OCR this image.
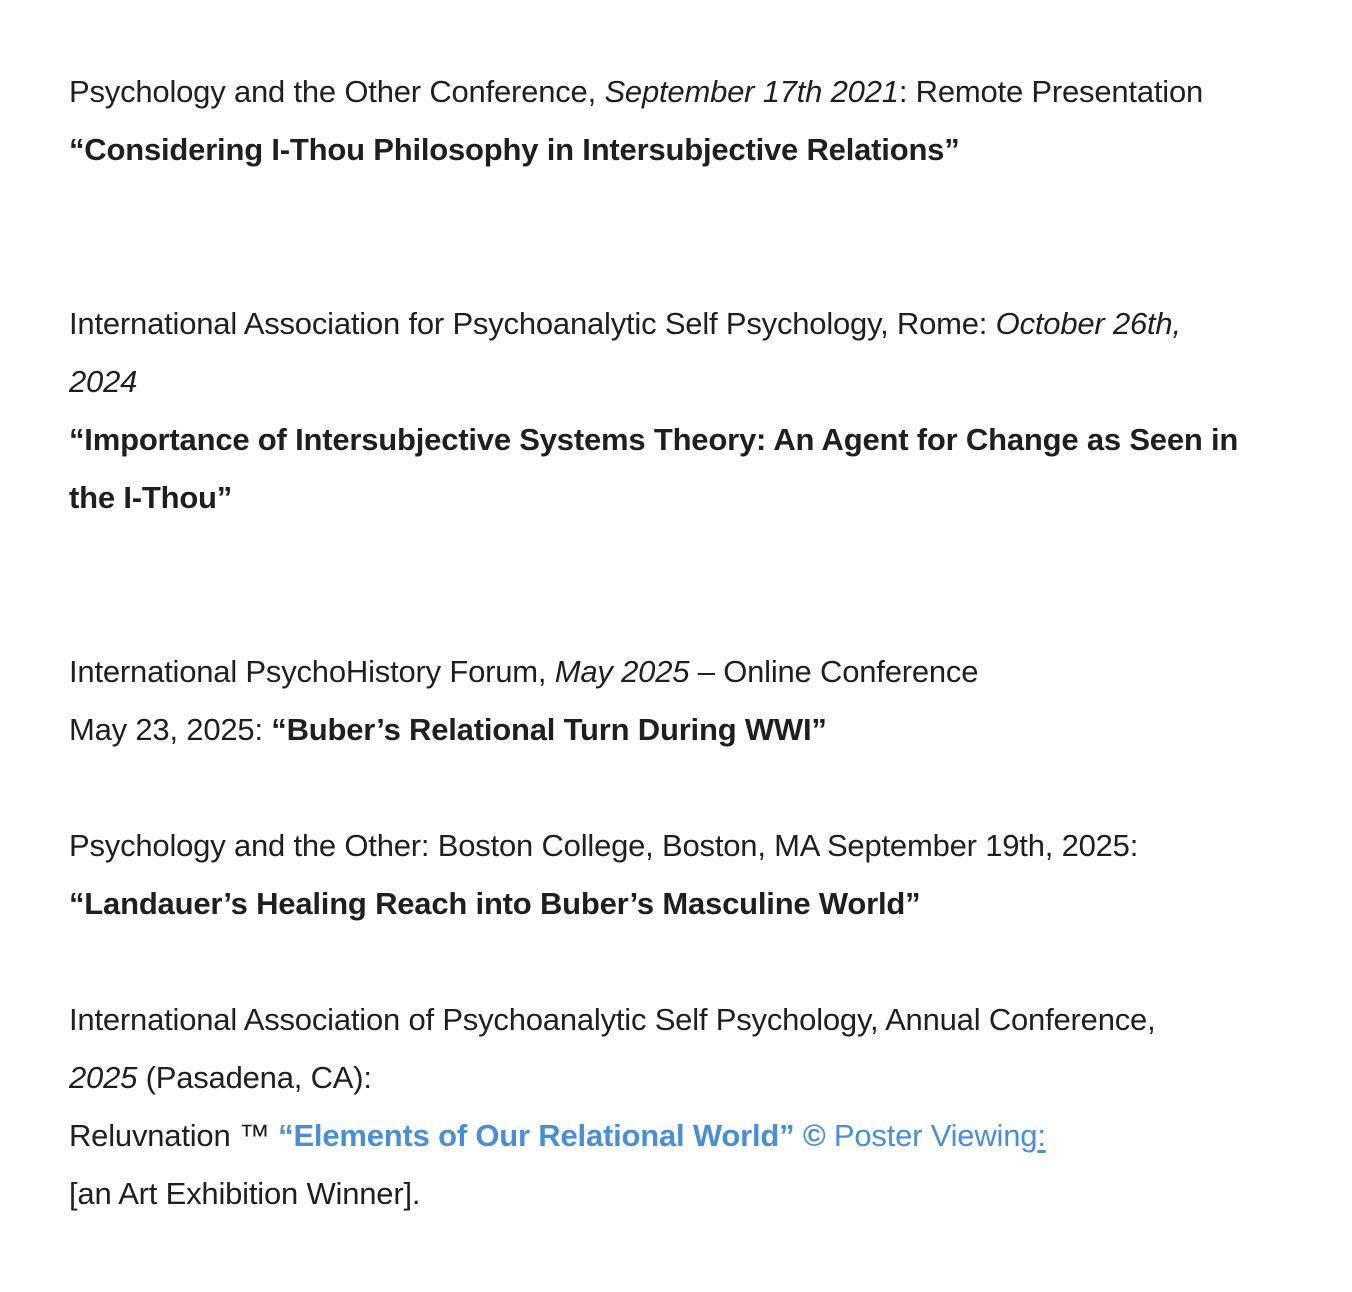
Psychology and the Other Conference, September 17th 2021: Remote Presentation
“Considering I-Thou Philosophy in Intersubjective Relations”
International Association for Psychoanalytic Self Psychology, Rome: October 26th,
2024
“Importance of Intersubjective Systems Theory: An Agent for Change as Seen in
the I-Thou”
International PsychoHistory Forum, May 2025 – Online Conference
May 23, 2025: “Buber’s Relational Turn During WWI”
Psychology and the Other: Boston College, Boston, MA September 19th, 2025:
“Landauer’s Healing Reach into Buber’s Masculine World”
International Association of Psychoanalytic Self Psychology, Annual Conference,
2025 (Pasadena, CA):
Reluvnation ™ “Elements of Our Relational World” © Poster Viewing:
[an Art Exhibition Winner].
